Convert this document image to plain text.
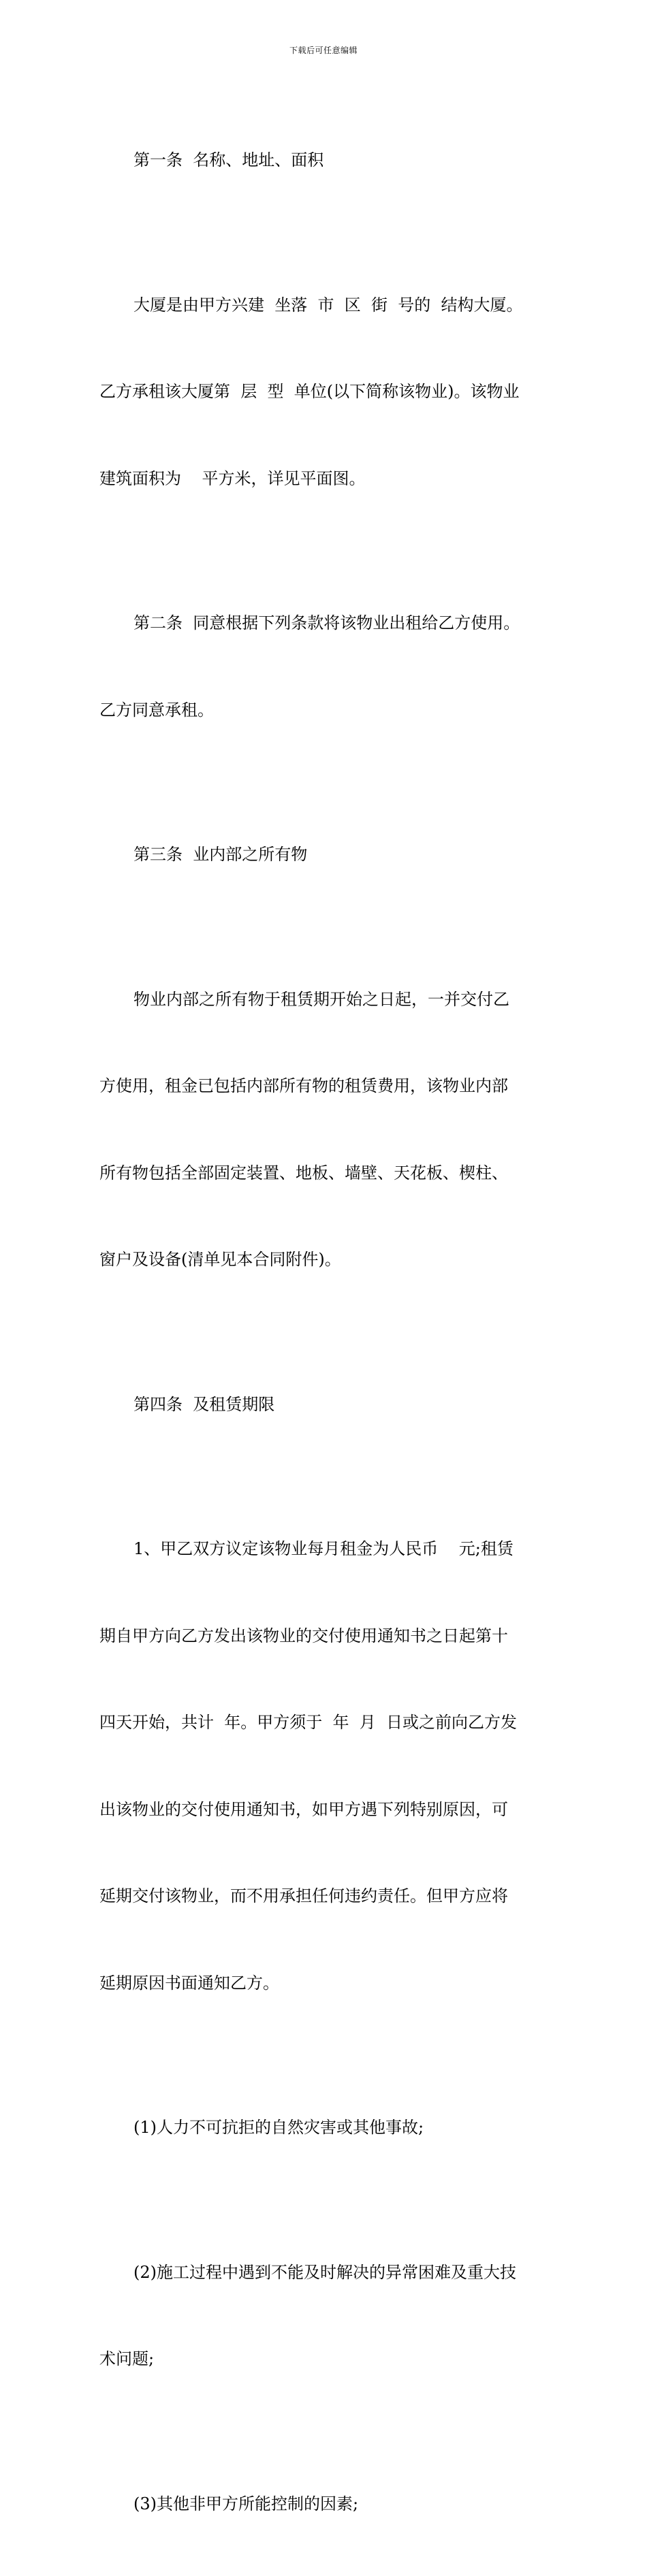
下载后可任意编辑

第一条  名称、地址、面积

大厦是由甲方兴建  坐落  市  区  街  号的  结构大厦。

乙方承租该大厦第  层  型  单位(以下简称该物业)。该物业

建筑面积为    平方米，详见平面图。

第二条  同意根据下列条款将该物业出租给乙方使用。

乙方同意承租。

第三条  业内部之所有物

物业内部之所有物于租赁期开始之日起，一并交付乙

方使用，租金已包括内部所有物的租赁费用，该物业内部

所有物包括全部固定装置、地板、墙壁、天花板、楔柱、

窗户及设备(清单见本合同附件)。

第四条  及租赁期限

1、甲乙双方议定该物业每月租金为人民币    元;租赁

期自甲方向乙方发出该物业的交付使用通知书之日起第十

四天开始，共计  年。甲方须于  年  月  日或之前向乙方发

出该物业的交付使用通知书，如甲方遇下列特别原因，可

延期交付该物业，而不用承担任何违约责任。但甲方应将

延期原因书面通知乙方。

(1)人力不可抗拒的自然灾害或其他事故;

(2)施工过程中遇到不能及时解决的异常困难及重大技

术问题;

(3)其他非甲方所能控制的因素;
